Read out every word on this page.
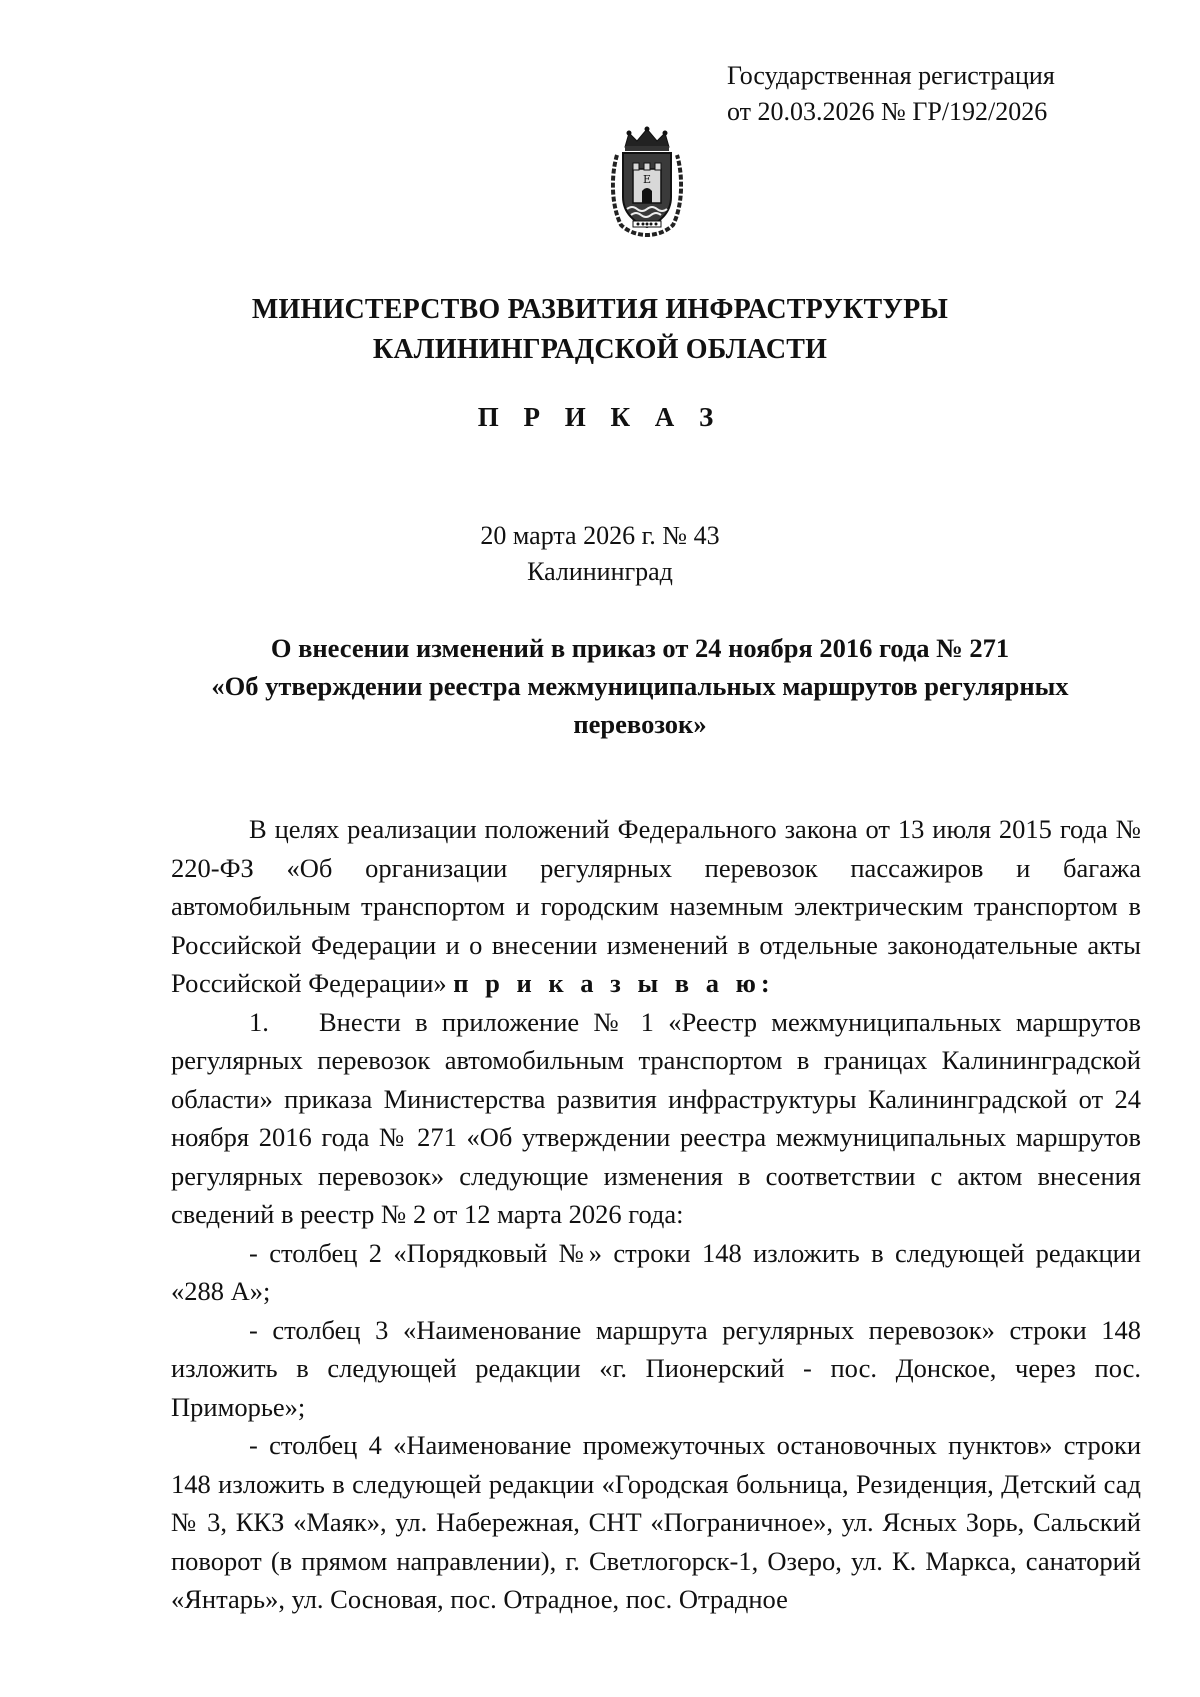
Государственная регистрация
от 20.03.2026 № ГР/192/2026
E
МИНИСТЕРСТВО РАЗВИТИЯ ИНФРАСТРУКТУРЫ
КАЛИНИНГРАДСКОЙ ОБЛАСТИ
П Р И К А З
20 марта 2026 г. № 43
Калининград
О внесении изменений в приказ от 24 ноября 2016 года № 271
«Об утверждении реестра межмуниципальных маршрутов регулярных
перевозок»

В целях реализации положений Федерального закона от 13 июля 2015 года № 220-ФЗ «Об организации регулярных перевозок пассажиров и багажа автомобильным транспортом и городским наземным электрическим транспортом в Российской Федерации и о внесении изменений в отдельные законодательные акты Российской Федерации» п р и к а з ы в а ю:

1. Внести в приложение № 1 «Реестр межмуниципальных маршрутов регулярных перевозок автомобильным транспортом в границах Калининградской области» приказа Министерства развития инфраструктуры Калининградской от 24 ноября 2016 года № 271 «Об утверждении реестра межмуниципальных маршрутов регулярных перевозок» следующие изменения в соответствии с актом внесения сведений в реестр № 2 от 12 марта 2026 года:

- столбец 2 «Порядковый №» строки 148 изложить в следующей редакции «288 А»;

- столбец 3 «Наименование маршрута регулярных перевозок» строки 148 изложить в следующей редакции «г. Пионерский - пос. Донское, через пос. Приморье»;

- столбец 4 «Наименование промежуточных остановочных пунктов» строки 148 изложить в следующей редакции «Городская больница, Резиденция, Детский сад № 3, ККЗ «Маяк», ул. Набережная, СНТ «Пограничное», ул. Ясных Зорь, Сальский поворот (в прямом направлении), г. Светлогорск-1, Озеро, ул. К. Маркса, санаторий «Янтарь», ул. Сосновая, пос. Отрадное, пос. Отрадное
